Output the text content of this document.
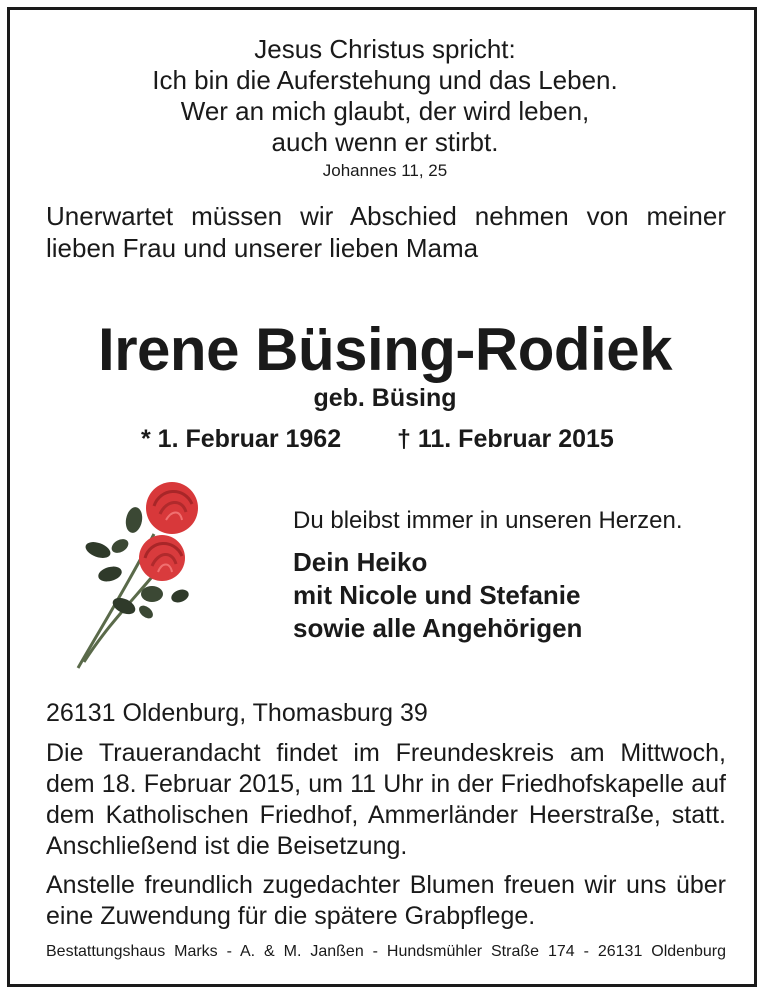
Jesus Christus spricht:
Ich bin die Auferstehung und das Leben.
Wer an mich glaubt, der wird leben,
auch wenn er stirbt.
Johannes 11, 25
Unerwartet müssen wir Abschied nehmen von meiner lieben Frau und unserer lieben Mama
Irene Büsing-Rodiek
geb. Büsing
* 1. Februar 1962 † 11. Februar 2015
Du bleibst immer in unseren Herzen.
Dein Heiko
mit Nicole und Stefanie
sowie alle Angehörigen
26131 Oldenburg, Thomasburg 39
Die Trauerandacht findet im Freundeskreis am Mittwoch, dem 18. Februar 2015, um 11 Uhr in der Friedhofskapelle auf dem Katholischen Friedhof, Ammerländer Heerstraße, statt. Anschließend ist die Beisetzung.
Anstelle freundlich zugedachter Blumen freuen wir uns über eine Zuwendung für die spätere Grabpflege.
Bestattungshaus Marks - A. & M. Janßen - Hundsmühler Straße 174 - 26131 Oldenburg
